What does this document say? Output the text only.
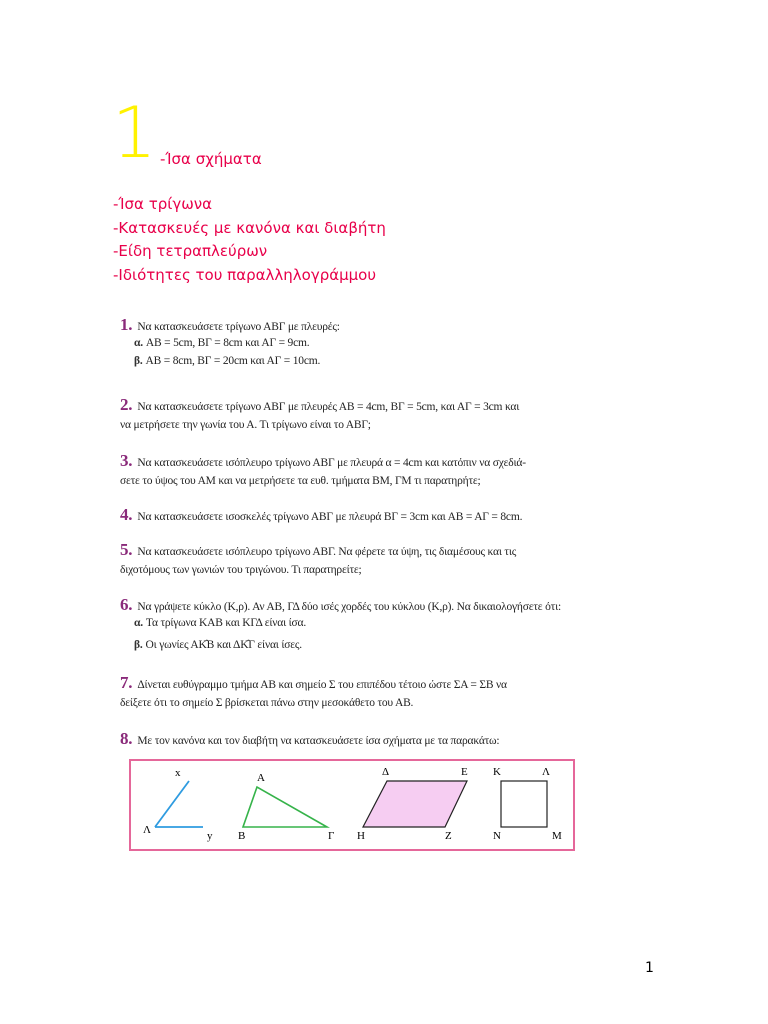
1 -Ίσα σχήματα
-Ίσα τρίγωνα
-Κατασκευές με κανόνα και διαβήτη
-Είδη τετραπλεύρων
-Ιδιότητες του παραλληλογράμμου
1. Να κατασκευάσετε τρίγωνο ΑΒΓ με πλευρές:
α. ΑΒ = 5cm, ΒΓ = 8cm και ΑΓ = 9cm.
β. ΑΒ = 8cm, ΒΓ = 20cm και ΑΓ = 10cm.
2. Να κατασκευάσετε τρίγωνο ΑΒΓ με πλευρές ΑΒ = 4cm, ΒΓ = 5cm, και ΑΓ = 3cm και
να μετρήσετε την γωνία του Α. Τι τρίγωνο είναι το ΑΒΓ;
3. Να κατασκευάσετε ισόπλευρο τρίγωνο ΑΒΓ με πλευρά α = 4cm και κατόπιν να σχεδιά-
σετε το ύψος του ΑΜ και να μετρήσετε τα ευθ. τμήματα ΒΜ, ΓΜ τι παρατηρήτε;
4. Να κατασκευάσετε ισοσκελές τρίγωνο ΑΒΓ με πλευρά ΒΓ = 3cm και ΑΒ = ΑΓ = 8cm.
5. Να κατασκευάσετε ισόπλευρο τρίγωνο ΑΒΓ. Να φέρετε τα ύψη, τις διαμέσους και τις
διχοτόμους των γωνιών του τριγώνου. Τι παρατηρείτε;
6. Να γράψετε κύκλο (Κ,ρ). Αν ΑΒ, ΓΔ δύο ισές χορδές του κύκλου (Κ,ρ). Να δικαιολογήσετε ότι:
α. Τα τρίγωνα ΚΑΒ και ΚΓΔ είναι ίσα.
β. Οι γωνίες ΑΚ̂Β και ΔΚ̂Γ είναι ίσες.
7. Δίνεται ευθύγραμμο τμήμα ΑΒ και σημείο Σ του επιπέδου τέτοιο ώστε ΣΑ = ΣΒ να
δείξετε ότι το σημείο Σ βρίσκεται πάνω στην μεσοκάθετο του ΑΒ.
8. Με τον κανόνα και τον διαβήτη να κατασκευάσετε ίσα σχήματα με τα παρακάτω:
x
Λ	y
Α
Β	Γ
Δ	Ε
Η	Ζ
Κ	Λ
Ν	Μ
1
